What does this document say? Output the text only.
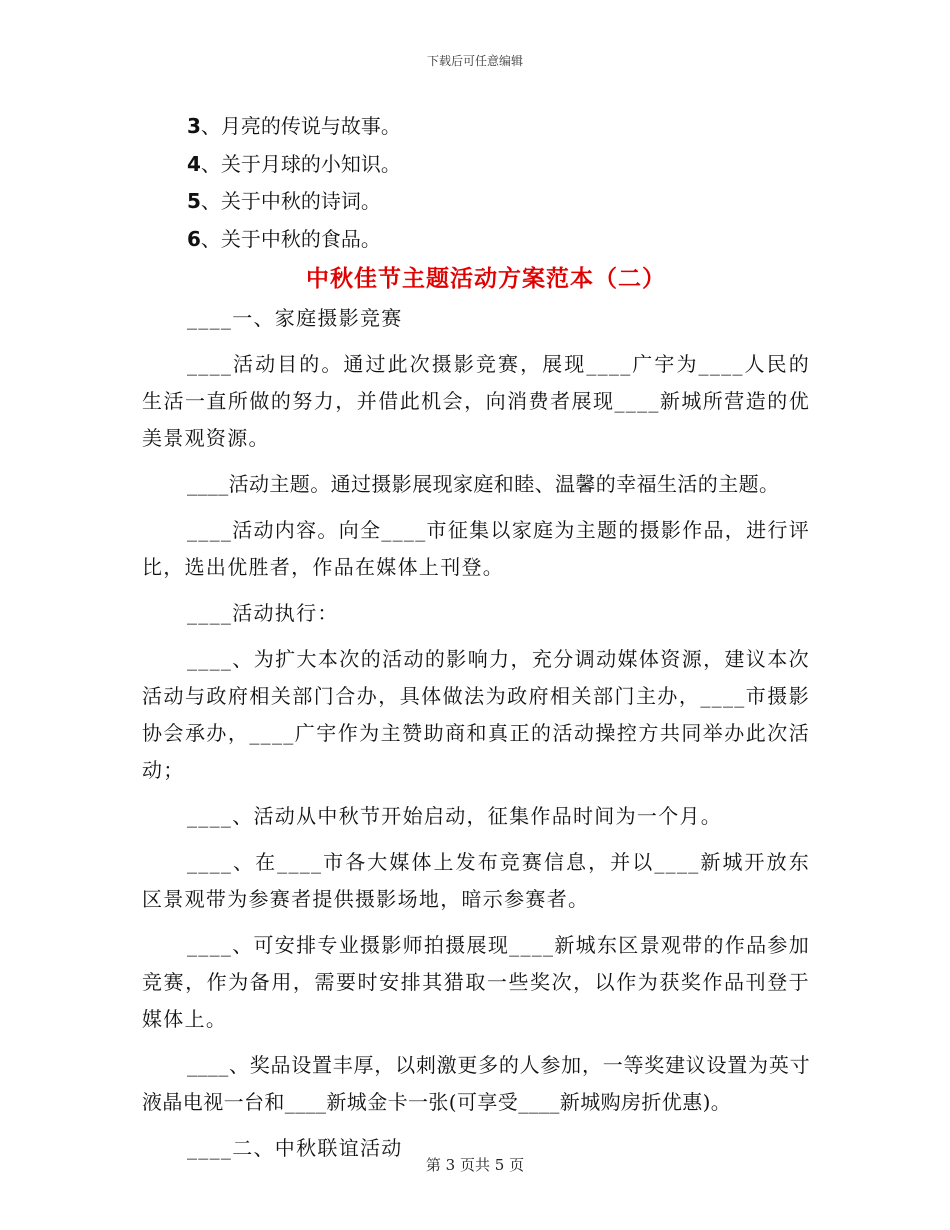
下载后可任意编辑
3、月亮的传说与故事。
4、关于月球的小知识。
5、关于中秋的诗词。
6、关于中秋的食品。
中秋佳节主题活动方案范本（二）

____一、家庭摄影竞赛

____活动目的。通过此次摄影竞赛，展现____广宇为____人民的生活一直所做的努力，并借此机会，向消费者展现____新城所营造的优美景观资源。

____活动主题。通过摄影展现家庭和睦、温馨的幸福生活的主题。

____活动内容。向全____市征集以家庭为主题的摄影作品，进行评比，选出优胜者，作品在媒体上刊登。

____活动执行：

____、为扩大本次的活动的影响力，充分调动媒体资源，建议本次活动与政府相关部门合办，具体做法为政府相关部门主办，____市摄影协会承办，____广宇作为主赞助商和真正的活动操控方共同举办此次活动；

____、活动从中秋节开始启动，征集作品时间为一个月。

____、在____市各大媒体上发布竞赛信息，并以____新城开放东区景观带为参赛者提供摄影场地，暗示参赛者。

____、可安排专业摄影师拍摄展现____新城东区景观带的作品参加竞赛，作为备用，需要时安排其猎取一些奖次，以作为获奖作品刊登于媒体上。

____、奖品设置丰厚，以刺激更多的人参加，一等奖建议设置为英寸液晶电视一台和____新城金卡一张(可享受____新城购房折优惠)。

____二、中秋联谊活动

第 3 页共 5 页
